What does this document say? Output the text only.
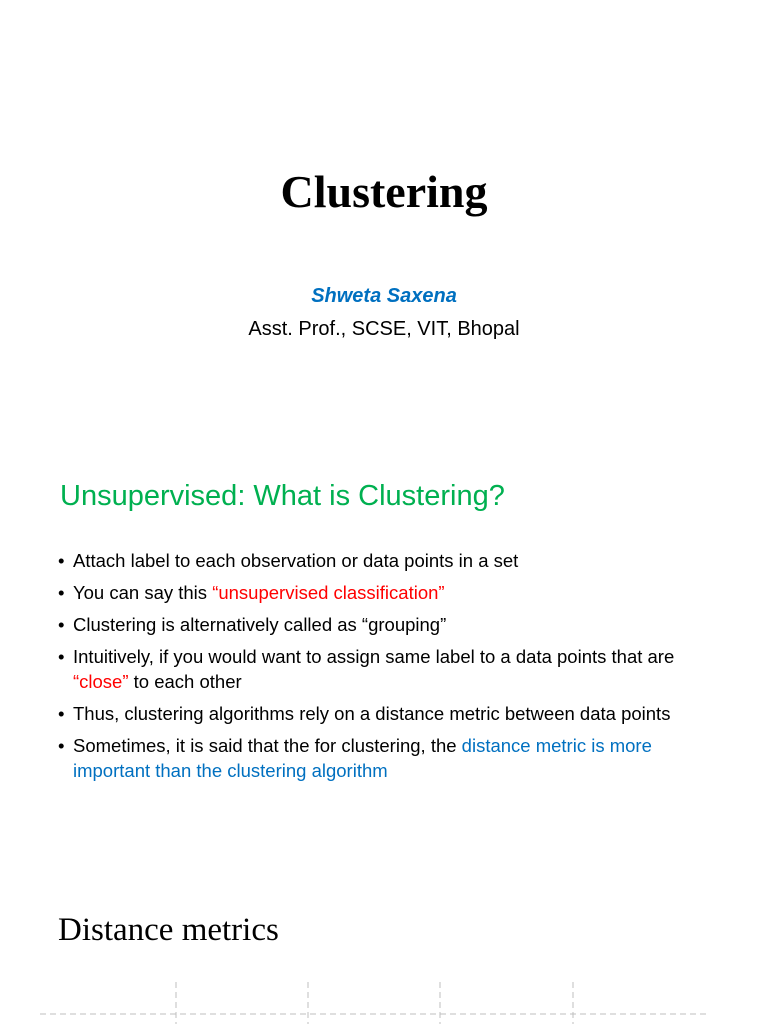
Clustering
Shweta Saxena
Asst. Prof., SCSE, VIT, Bhopal
Unsupervised: What is Clustering?
• Attach label to each observation or data points in a set
• You can say this “unsupervised classification”
• Clustering is alternatively called as “grouping”
• Intuitively, if you would want to assign same label to a data points that are “close” to each other
• Thus, clustering algorithms rely on a distance metric between data points
• Sometimes, it is said that the for clustering, the distance metric is more important than the clustering algorithm
Distance metrics
